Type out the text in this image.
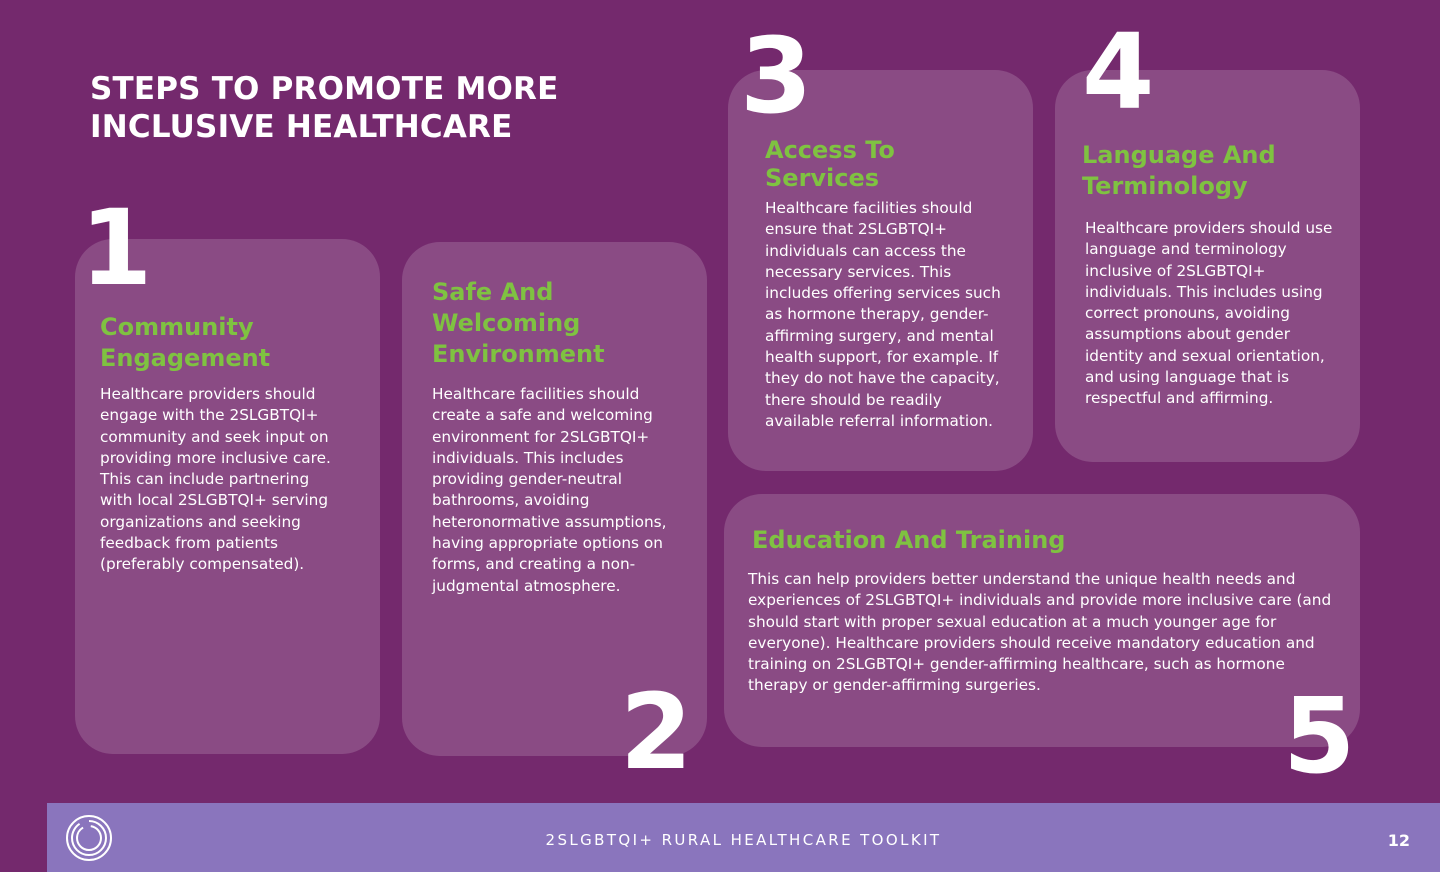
STEPS TO PROMOTE MORE INCLUSIVE HEALTHCARE

1

Community Engagement

Healthcare providers should engage with the 2SLGBTQI+ community and seek input on providing more inclusive care. This can include partnering with local 2SLGBTQI+ serving organizations and seeking feedback from patients (preferably compensated).

Safe And Welcoming Environment

Healthcare facilities should create a safe and welcoming environment for 2SLGBTQI+ individuals. This includes providing gender-neutral bathrooms, avoiding heteronormative assumptions, having appropriate options on forms, and creating a non-judgmental atmosphere.

2

3

Access To Services

Healthcare facilities should ensure that 2SLGBTQI+ individuals can access the necessary services. This includes offering services such as hormone therapy, gender-affirming surgery, and mental health support, for example. If they do not have the capacity, there should be readily available referral information.

4

Language And Terminology

Healthcare providers should use language and terminology inclusive of 2SLGBTQI+ individuals. This includes using correct pronouns, avoiding assumptions about gender identity and sexual orientation, and using language that is respectful and affirming.

Education And Training

This can help providers better understand the unique health needs and experiences of 2SLGBTQI+ individuals and provide more inclusive care (and should start with proper sexual education at a much younger age for everyone). Healthcare providers should receive mandatory education and training on 2SLGBTQI+ gender-affirming healthcare, such as hormone therapy or gender-affirming surgeries.	5

2SLGBTQI+ RURAL HEALTHCARE TOOLKIT	12
